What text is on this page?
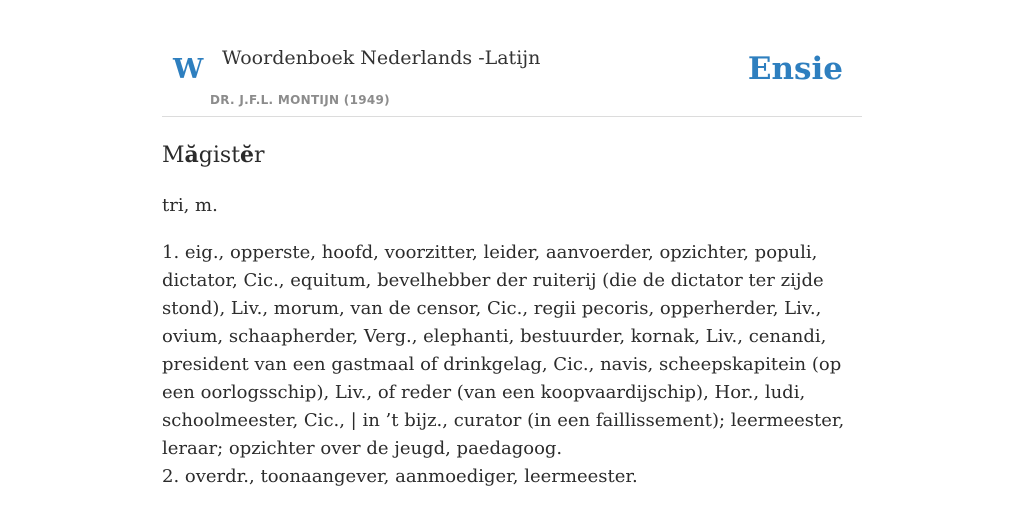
W Woordenboek Nederlands -Latijn
DR. J.F.L. MONTIJN (1949)
Ensie
Măgistĕr
tri, m.

1. eig., opperste, hoofd, voorzitter, leider, aanvoerder, opzichter, populi, dictator, Cic., equitum, bevelhebber der ruiterij (die de dictator ter zijde stond), Liv., morum, van de censor, Cic., regii pecoris, opperherder, Liv., ovium, schaapherder, Verg., elephanti, bestuurder, kornak, Liv., cenandi, president van een gastmaal of drinkgelag, Cic., navis, scheepskapitein (op een oorlogsschip), Liv., of reder (van een koopvaardijschip), Hor., ludi, schoolmeester, Cic., | in ’t bijz., curator (in een faillissement); leermeester, leraar; opzichter over de jeugd, paedagoog.

2. overdr., toonaangever, aanmoediger, leermeester.
